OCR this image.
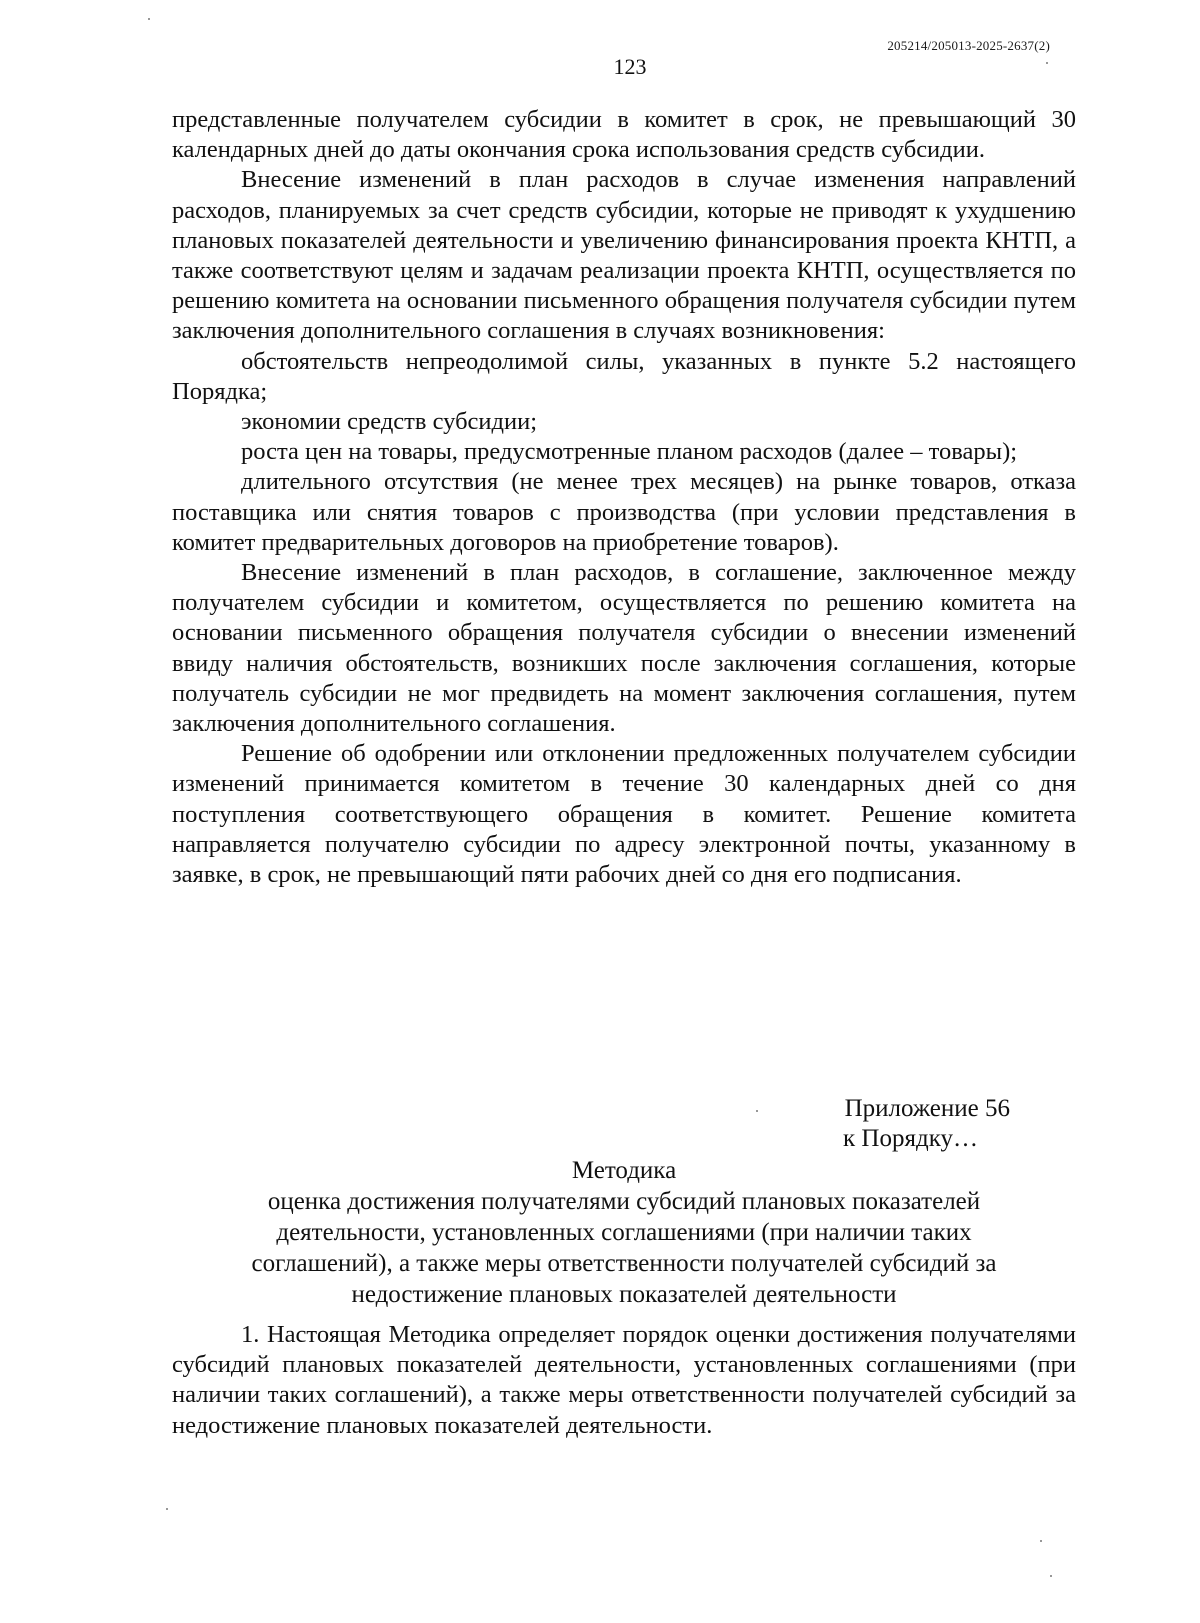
205214/205013-2025-2637(2)
123

представленные получателем субсидии в комитет в срок, не превышающий 30 календарных дней до даты окончания срока использования средств субсидии.

Внесение изменений в план расходов в случае изменения направлений расходов, планируемых за счет средств субсидии, которые не приводят к ухудшению плановых показателей деятельности и увеличению финансирования проекта КНТП, а также соответствуют целям и задачам реализации проекта КНТП, осуществляется по решению комитета на основании письменного обращения получателя субсидии путем заключения дополнительного соглашения в случаях возникновения:

обстоятельств непреодолимой силы, указанных в пункте 5.2 настоящего Порядка;

экономии средств субсидии;

роста цен на товары, предусмотренные планом расходов (далее – товары);

длительного отсутствия (не менее трех месяцев) на рынке товаров, отказа поставщика или снятия товаров с производства (при условии представления в комитет предварительных договоров на приобретение товаров).

Внесение изменений в план расходов, в соглашение, заключенное между получателем субсидии и комитетом, осуществляется по решению комитета на основании письменного обращения получателя субсидии о внесении изменений ввиду наличия обстоятельств, возникших после заключения соглашения, которые получатель субсидии не мог предвидеть на момент заключения соглашения, путем заключения дополнительного соглашения.

Решение об одобрении или отклонении предложенных получателем субсидии изменений принимается комитетом в течение 30 календарных дней со дня поступления соответствующего обращения в комитет. Решение комитета направляется получателю субсидии по адресу электронной почты, указанному в заявке, в срок, не превышающий пяти рабочих дней со дня его подписания.

Приложение 56
к Порядку…
Методика
оценка достижения получателями субсидий плановых показателей деятельности, установленных соглашениями (при наличии таких соглашений), а также меры ответственности получателей субсидий за недостижение плановых показателей деятельности

1. Настоящая Методика определяет порядок оценки достижения получателями субсидий плановых показателей деятельности, установленных соглашениями (при наличии таких соглашений), а также меры ответственности получателей субсидий за недостижение плановых показателей деятельности.
